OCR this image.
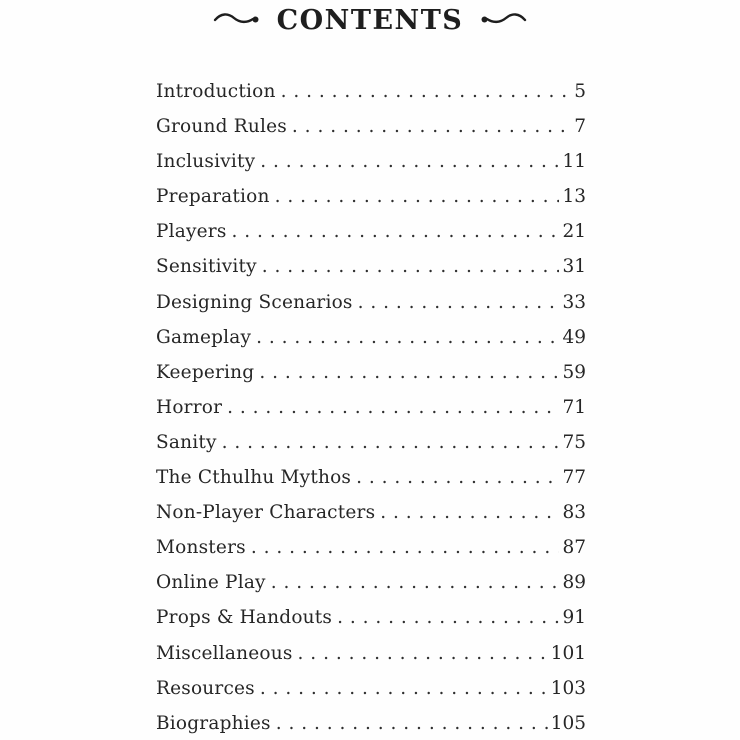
CONTENTS
Introduction . . .	5
Ground Rules . . .	7
Inclusivity . . .	11
Preparation . . .	13
Players . . .	21
Sensitivity . . .	31
Designing Scenarios . . .	33
Gameplay . . .	49
Keepering . . .	59
Horror . . .	71
Sanity . . .	75
The Cthulhu Mythos . . .	77
Non-Player Characters . . .	83
Monsters . . .	87
Online Play . . .	89
Props & Handouts . . .	91
Miscellaneous . . .	101
Resources . . .	103
Biographies . . .	105
